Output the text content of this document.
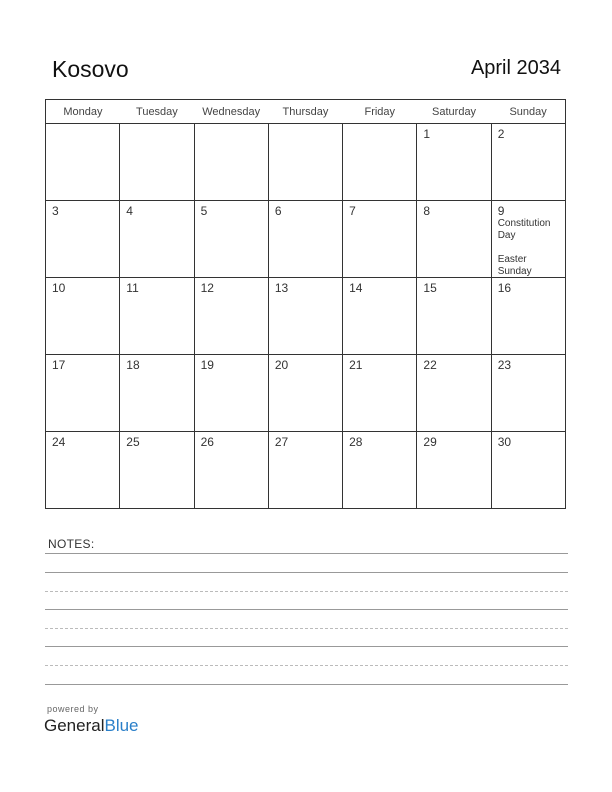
Kosovo	April 2034
Monday	Tuesday	Wednesday	Thursday	Friday	Saturday	Sunday

					1	2

3	4	5	6	7	8	9
Constitution Day
Easter Sunday

10	11	12	13	14	15	16

17	18	19	20	21	22	23

24	25	26	27	28	29	30
NOTES:
powered by
GeneralBlue
